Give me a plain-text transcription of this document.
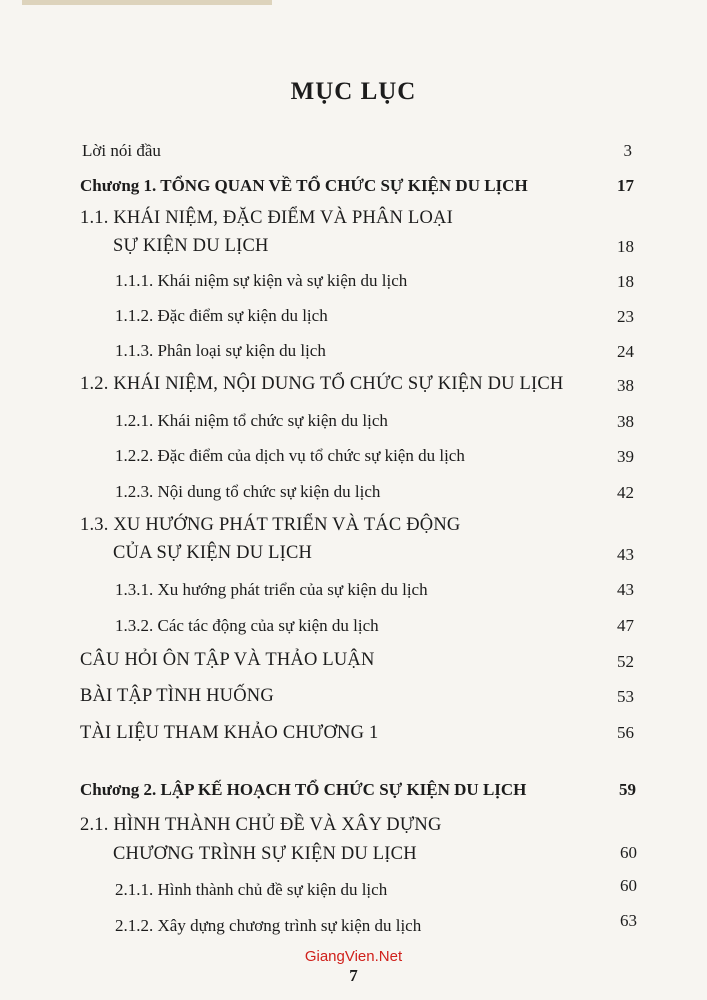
MỤC LỤC
Lời nói đầu	3
Chương 1. TỔNG QUAN VỀ TỔ CHỨC SỰ KIỆN DU LỊCH	17
1.1. KHÁI NIỆM, ĐẶC ĐIỂM VÀ PHÂN LOẠI
SỰ KIỆN DU LỊCH	18
1.1.1. Khái niệm sự kiện và sự kiện du lịch	18
1.1.2. Đặc điểm sự kiện du lịch	23
1.1.3. Phân loại sự kiện du lịch	24
1.2. KHÁI NIỆM, NỘI DUNG TỔ CHỨC SỰ KIỆN DU LỊCH	38
1.2.1. Khái niệm tổ chức sự kiện du lịch	38
1.2.2. Đặc điểm của dịch vụ tổ chức sự kiện du lịch	39
1.2.3. Nội dung tổ chức sự kiện du lịch	42
1.3. XU HƯỚNG PHÁT TRIỂN VÀ TÁC ĐỘNG
CỦA SỰ KIỆN DU LỊCH	43
1.3.1. Xu hướng phát triển của sự kiện du lịch	43
1.3.2. Các tác động của sự kiện du lịch	47
CÂU HỎI ÔN TẬP VÀ THẢO LUẬN	52
BÀI TẬP TÌNH HUỐNG	53
TÀI LIỆU THAM KHẢO CHƯƠNG 1	56
Chương 2. LẬP KẾ HOẠCH TỔ CHỨC SỰ KIỆN DU LỊCH	59
2.1. HÌNH THÀNH CHỦ ĐỀ VÀ XÂY DỰNG
CHƯƠNG TRÌNH SỰ KIỆN DU LỊCH	60
2.1.1. Hình thành chủ đề sự kiện du lịch	60
2.1.2. Xây dựng chương trình sự kiện du lịch	63
GiangVien.Net
7
